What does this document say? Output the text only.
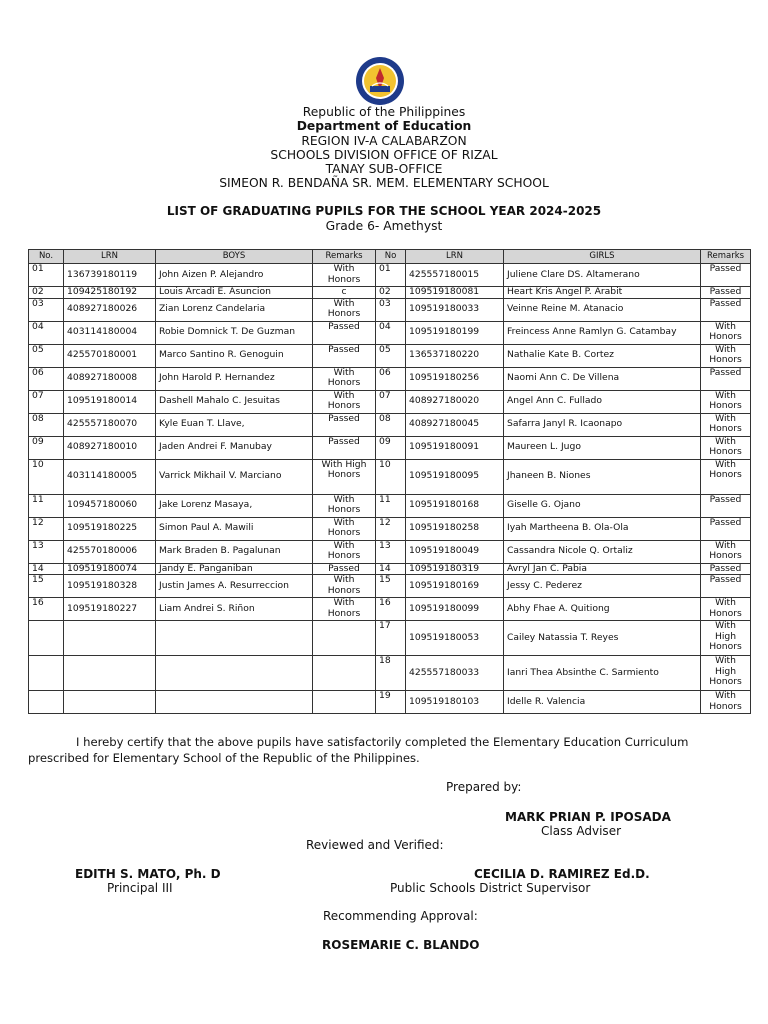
Republic of the Philippines
Department of Education
REGION IV-A CALABARZON
SCHOOLS DIVISION OFFICE OF RIZAL
TANAY SUB-OFFICE
SIMEON R. BENDAÑA SR. MEM. ELEMENTARY SCHOOL
LIST OF GRADUATING PUPILS FOR THE SCHOOL YEAR 2024-2025
Grade 6- Amethyst
No.	LRN	BOYS	Remarks	No	LRN	GIRLS	Remarks
01	136739180119	John Aizen P. Alejandro	With Honors	01	425557180015	Juliene Clare DS. Altamerano	Passed
02	109425180192	Louis Arcadi E. Asuncion	c	02	109519180081	Heart Kris Angel P. Arabit	Passed
03	408927180026	Zian Lorenz Candelaria	With Honors	03	109519180033	Veinne Reine M. Atanacio	Passed
04	403114180004	Robie Domnick T. De Guzman	Passed	04	109519180199	Freincess Anne Ramlyn G. Catambay	With Honors
05	425570180001	Marco Santino R. Genoguin	Passed	05	136537180220	Nathalie Kate B. Cortez	With Honors
06	408927180008	John Harold P. Hernandez	With Honors	06	109519180256	Naomi Ann C. De Villena	Passed
07	109519180014	Dashell Mahalo C. Jesuitas	With Honors	07	408927180020	Angel Ann C. Fullado	With Honors
08	425557180070	Kyle Euan T. Llave,	Passed	08	408927180045	Safarra Janyl R. Icaonapo	With Honors
09	408927180010	Jaden Andrei F. Manubay	Passed	09	109519180091	Maureen L. Jugo	With Honors
10	403114180005	Varrick Mikhail V. Marciano	With High Honors	10	109519180095	Jhaneen B. Niones	With Honors
11	109457180060	Jake Lorenz Masaya,	With Honors	11	109519180168	Giselle G. Ojano	Passed
12	109519180225	Simon Paul A. Mawili	With Honors	12	109519180258	Iyah Martheena B. Ola-Ola	Passed
13	425570180006	Mark Braden B. Pagalunan	With Honors	13	109519180049	Cassandra Nicole Q. Ortaliz	With Honors
14	109519180074	Jandy E. Panganiban	Passed	14	109519180319	Avryl Jan C. Pabia	Passed
15	109519180328	Justin James A. Resurreccion	With Honors	15	109519180169	Jessy C. Pederez	Passed
16	109519180227	Liam Andrei S. Riñon	With Honors	16	109519180099	Abhy Fhae A. Quitiong	With Honors
				17	109519180053	Cailey Natassia T. Reyes	With High Honors
				18	425557180033	Ianri Thea Absinthe C. Sarmiento	With High Honors
				19	109519180103	Idelle R. Valencia	With Honors

I hereby certify that the above pupils have satisfactorily completed the Elementary Education Curriculum prescribed for Elementary School of the Republic of the Philippines.

Prepared by:
MARK PRIAN P. IPOSADA
Class Adviser
Reviewed and Verified:
EDITH S. MATO, Ph. D
Principal III
CECILIA D. RAMIREZ Ed.D.
Public Schools District Supervisor
Recommending Approval:
ROSEMARIE C. BLANDO
